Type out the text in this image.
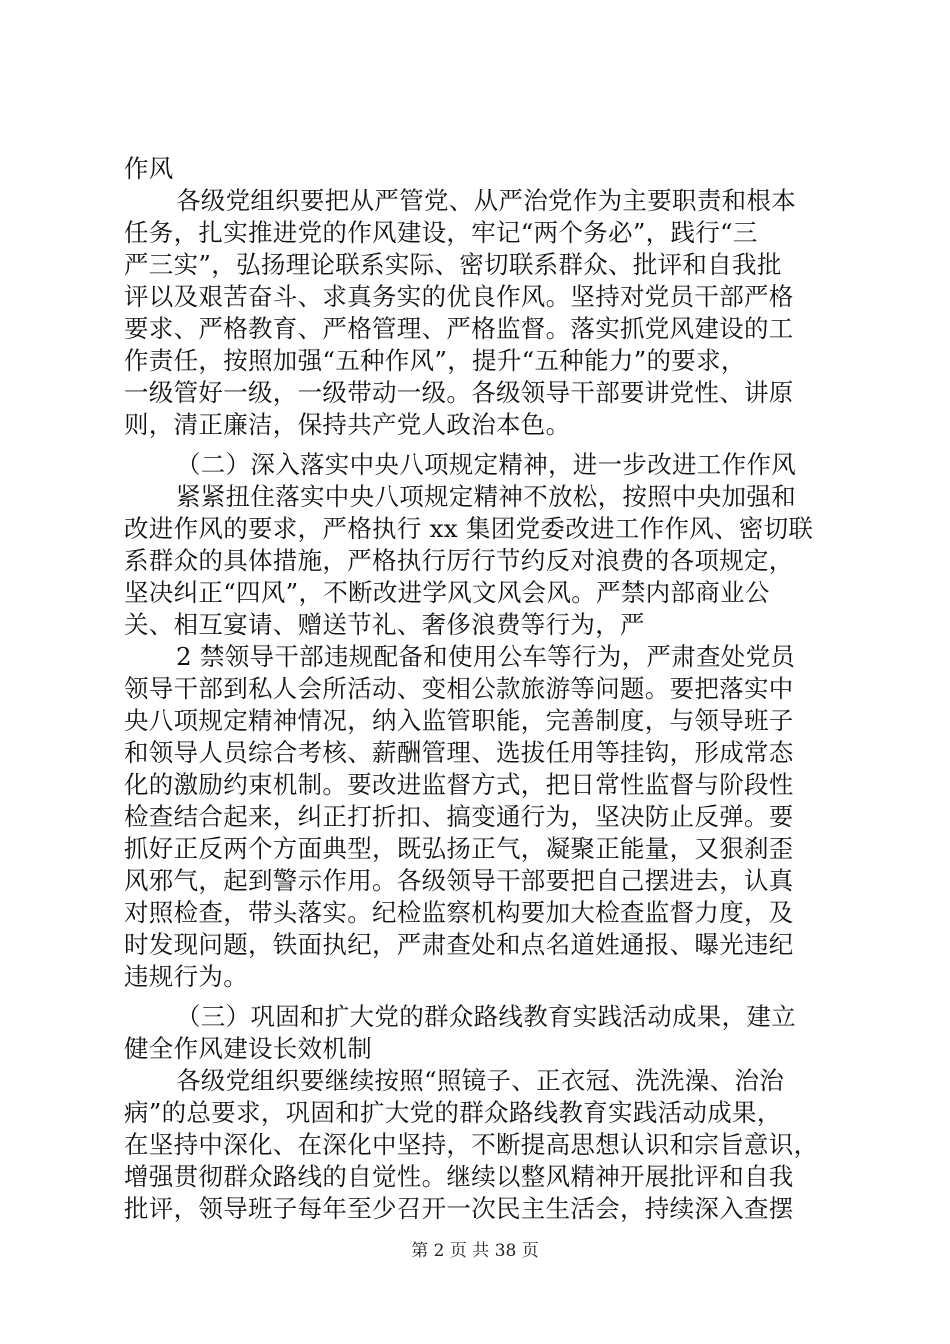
作风
各级党组织要把从严管党、从严治党作为主要职责和根本
任务，扎实推进党的作风建设，牢记“两个务必”，践行“三
严三实”，弘扬理论联系实际、密切联系群众、批评和自我批
评以及艰苦奋斗、求真务实的优良作风。坚持对党员干部严格
要求、严格教育、严格管理、严格监督。落实抓党风建设的工
作责任，按照加强“五种作风”，提升“五种能力”的要求，
一级管好一级，一级带动一级。各级领导干部要讲党性、讲原
则，清正廉洁，保持共产党人政治本色。
（二）深入落实中央八项规定精神，进一步改进工作作风
紧紧扭住落实中央八项规定精神不放松，按照中央加强和
改进作风的要求，严格执行 xx 集团党委改进工作作风、密切联
系群众的具体措施，严格执行厉行节约反对浪费的各项规定，
坚决纠正“四风”，不断改进学风文风会风。严禁内部商业公
关、相互宴请、赠送节礼、奢侈浪费等行为，严
2 禁领导干部违规配备和使用公车等行为，严肃查处党员
领导干部到私人会所活动、变相公款旅游等问题。要把落实中
央八项规定精神情况，纳入监管职能，完善制度，与领导班子
和领导人员综合考核、薪酬管理、选拔任用等挂钩，形成常态
化的激励约束机制。要改进监督方式，把日常性监督与阶段性
检查结合起来，纠正打折扣、搞变通行为，坚决防止反弹。要
抓好正反两个方面典型，既弘扬正气，凝聚正能量，又狠刹歪
风邪气，起到警示作用。各级领导干部要把自己摆进去，认真
对照检查，带头落实。纪检监察机构要加大检查监督力度，及
时发现问题，铁面执纪，严肃查处和点名道姓通报、曝光违纪
违规行为。
（三）巩固和扩大党的群众路线教育实践活动成果，建立
健全作风建设长效机制
各级党组织要继续按照“照镜子、正衣冠、洗洗澡、治治
病”的总要求，巩固和扩大党的群众路线教育实践活动成果，
在坚持中深化、在深化中坚持，不断提高思想认识和宗旨意识，
增强贯彻群众路线的自觉性。继续以整风精神开展批评和自我
批评，领导班子每年至少召开一次民主生活会，持续深入查摆
第 2 页 共 38 页
